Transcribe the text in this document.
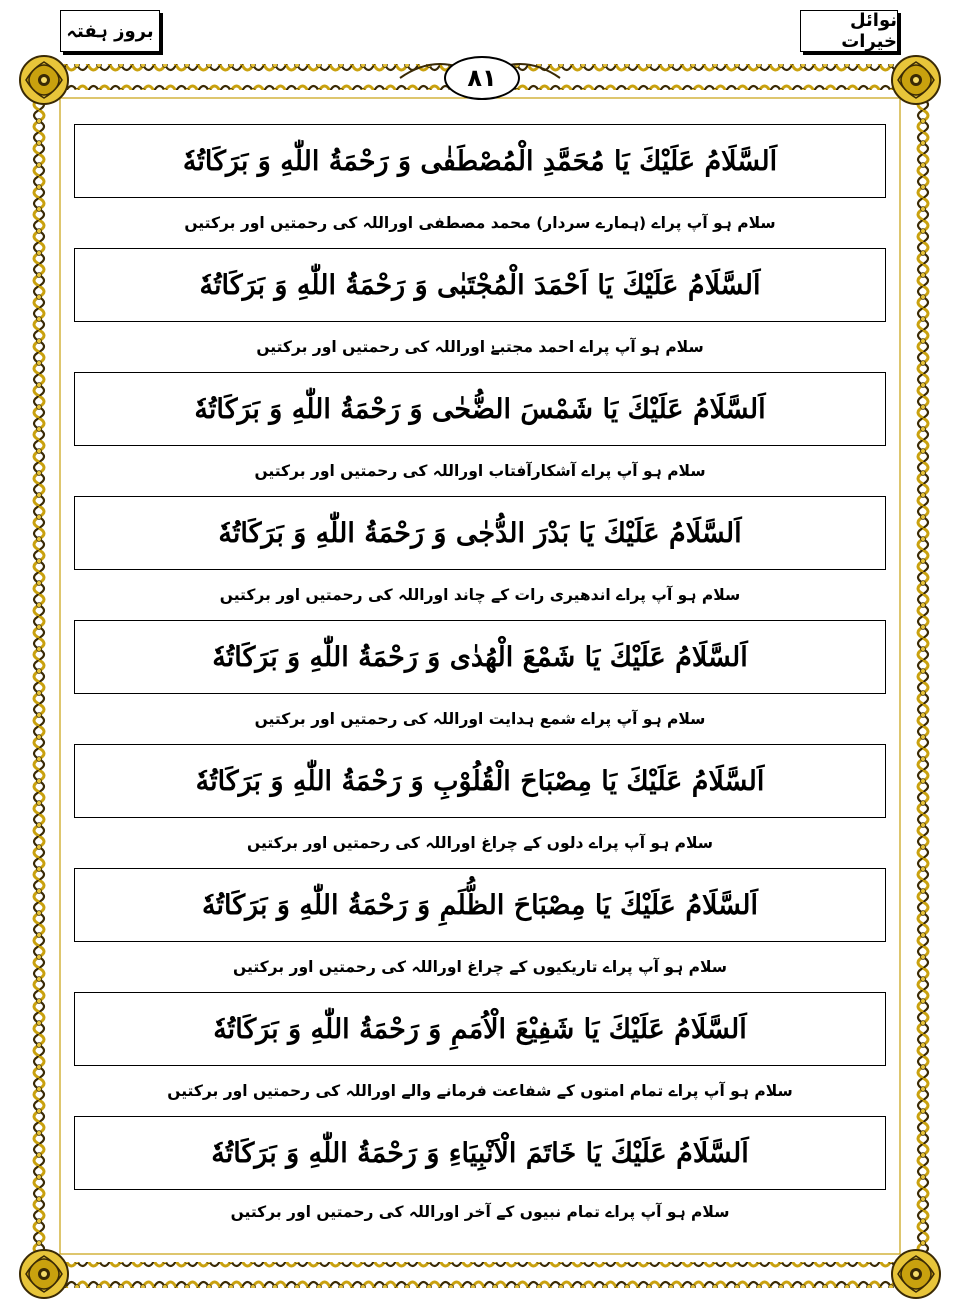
بروز ہفتہ	نوائل خیرات
٨١
اَلسَّلَامُ عَلَيْكَ يَا مُحَمَّدِ الْمُصْطَفٰى وَ رَحْمَةُ اللّٰهِ وَ بَرَكَاتُهٗ
سلام ہو آپ پراے (ہمارے سردار) محمد مصطفی اوراللہ کی رحمتیں اور برکتیں
اَلسَّلَامُ عَلَيْكَ يَا اَحْمَدَ الْمُجْتَبٰى وَ رَحْمَةُ اللّٰهِ وَ بَرَكَاتُهٗ
سلام ہو آپ پراے احمد مجتبےٰ اوراللہ کی رحمتیں اور برکتیں
اَلسَّلَامُ عَلَيْكَ يَا شَمْسَ الضُّحٰى وَ رَحْمَةُ اللّٰهِ وَ بَرَكَاتُهٗ
سلام ہو آپ پراے آشکارآفتاب اوراللہ کی رحمتیں اور برکتیں
اَلسَّلَامُ عَلَيْكَ يَا بَدْرَ الدُّجٰى وَ رَحْمَةُ اللّٰهِ وَ بَرَكَاتُهٗ
سلام ہو آپ پراے اندھیری رات کے چاند اوراللہ کی رحمتیں اور برکتیں
اَلسَّلَامُ عَلَيْكَ يَا شَمْعَ الْهُدٰى وَ رَحْمَةُ اللّٰهِ وَ بَرَكَاتُهٗ
سلام ہو آپ پراے شمع ہدایت اوراللہ کی رحمتیں اور برکتیں
اَلسَّلَامُ عَلَيْكَ يَا مِصْبَاحَ الْقُلُوْبِ وَ رَحْمَةُ اللّٰهِ وَ بَرَكَاتُهٗ
سلام ہو آپ پراے دلوں کے چراغ اوراللہ کی رحمتیں اور برکتیں
اَلسَّلَامُ عَلَيْكَ يَا مِصْبَاحَ الظُّلَمِ وَ رَحْمَةُ اللّٰهِ وَ بَرَكَاتُهٗ
سلام ہو آپ پراے تاریکیوں کے چراغ اوراللہ کی رحمتیں اور برکتیں
اَلسَّلَامُ عَلَيْكَ يَا شَفِيْعَ الْاُمَمِ وَ رَحْمَةُ اللّٰهِ وَ بَرَكَاتُهٗ
سلام ہو آپ پراے تمام امتوں کے شفاعت فرمانے والے اوراللہ کی رحمتیں اور برکتیں
اَلسَّلَامُ عَلَيْكَ يَا خَاتَمَ الْاَنْبِيَاءِ وَ رَحْمَةُ اللّٰهِ وَ بَرَكَاتُهٗ
سلام ہو آپ پراے تمام نبیوں کے آخر اوراللہ کی رحمتیں اور برکتیں
